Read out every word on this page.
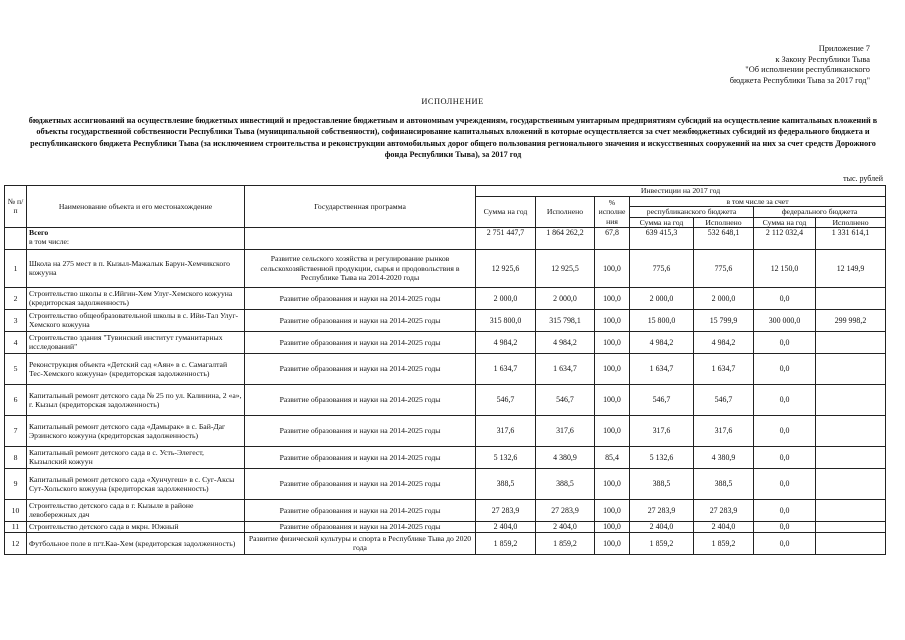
Приложение 7
к Закону Республики Тыва
"Об исполнении республиканского
бюджета Республики Тыва за 2017 год"
ИСПОЛНЕНИЕ
бюджетных ассигнований на осуществление бюджетных инвестиций и предоставление бюджетным и автономным учреждениям, государственным унитарным предприятиям субсидий на осуществление капитальных вложений в объекты государственной собственности Республики Тыва (муниципальной собственности), софинансирование капитальных вложений в которые осуществляется за счет межбюджетных субсидий из федерального бюджета и республиканского бюджета Республики Тыва (за исключением строительства и реконструкции автомобильных дорог общего пользования регионального значения и искусственных сооружений на них за счет средств Дорожного фонда Республики Тыва), за 2017 год
тыс. рублей
№ п/п	Наименование объекта и его местонахождение	Государственная программа	Инвестиции на 2017 год						
			Сумма на год	Исполнено	% исполне ния	в том числе за счет			
						республиканского бюджета		федерального бюджета	
						Сумма на год	Исполнено	Сумма на год	Исполнено

	Всего
в том числе:		2 751 447,7	1 864 262,2	67,8	639 415,3	532 648,1	2 112 032,4	1 331 614,1
1	Школа на 275 мест в п. Кызыл-Мажалык Барун-Хемчикского кожууна	Развитие сельского хозяйства и регулирование рынков сельскохозяйственной продукции, сырья и продовольствия в Республике Тыва на 2014-2020 годы	12 925,6	12 925,5	100,0	775,6	775,6	12 150,0	12 149,9
2	Строительство школы в с.Ийгин-Хем Улуг-Хемского кожууна (кредиторская задолженность)	Развитие образования и науки на 2014-2025 годы	2 000,0	2 000,0	100,0	2 000,0	2 000,0	0,0	
3	Строительство общеобразовательной школы в с. Ийи-Тал Улуг-Хемского кожууна	Развитие образования и науки на 2014-2025 годы	315 800,0	315 798,1	100,0	15 800,0	15 799,9	300 000,0	299 998,2
4	Строительство здания "Тувинский институт гуманитарных исследований"	Развитие образования и науки на 2014-2025 годы	4 984,2	4 984,2	100,0	4 984,2	4 984,2	0,0	
5	Реконструкция объекта «Детский сад «Аян» в с. Самагалтай Тес-Хемского кожууна» (кредиторская задолженность)	Развитие образования и науки на 2014-2025 годы	1 634,7	1 634,7	100,0	1 634,7	1 634,7	0,0	
6	Капитальный ремонт детского сада № 25 по ул. Калинина, 2 «а», г. Кызыл (кредиторская задолженность)	Развитие образования и науки на 2014-2025 годы	546,7	546,7	100,0	546,7	546,7	0,0	
7	Капитальный ремонт детского сада «Дамырак» в с. Бай-Даг Эрзинского кожууна (кредиторская задолженность)	Развитие образования и науки на 2014-2025 годы	317,6	317,6	100,0	317,6	317,6	0,0	
8	Капитальный ремонт детского сада в с. Усть-Элегест, Кызылский кожуун	Развитие образования и науки на 2014-2025 годы	5 132,6	4 380,9	85,4	5 132,6	4 380,9	0,0	
9	Капитальный ремонт детского сада «Хунчугеш» в с. Суг-Аксы Сут-Хольского кожууна (кредиторская задолженность)	Развитие образования и науки на 2014-2025 годы	388,5	388,5	100,0	388,5	388,5	0,0	
10	Строительство детского сада в г. Кызыле в районе левобережных дач	Развитие образования и науки на 2014-2025 годы	27 283,9	27 283,9	100,0	27 283,9	27 283,9	0,0	
11	Строительство детского сада в мкрн. Южный	Развитие образования и науки на 2014-2025 годы	2 404,0	2 404,0	100,0	2 404,0	2 404,0	0,0	
12	Футбольное поле в пгт.Каа-Хем (кредиторская задолженность)	Развитие физической культуры и спорта в Республике Тыва до 2020 года	1 859,2	1 859,2	100,0	1 859,2	1 859,2	0,0	
